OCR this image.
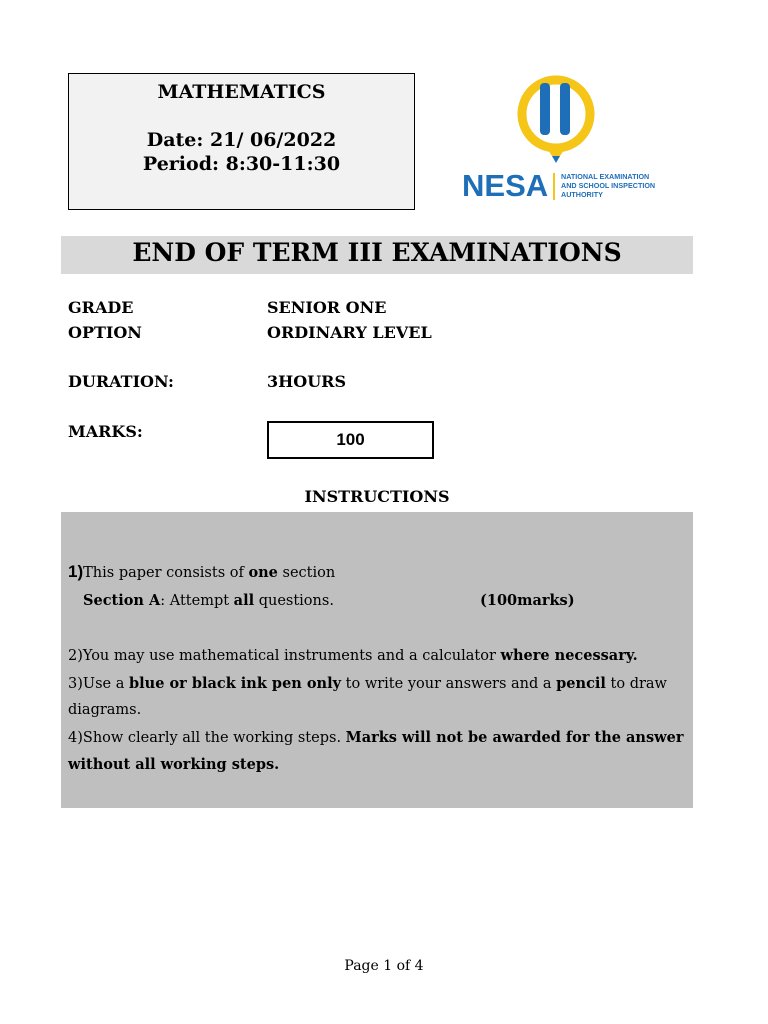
MATHEMATICS
Date: 21/ 06/2022
Period: 8:30-11:30
NESA NATIONAL EXAMINATION
AND SCHOOL INSPECTION
AUTHORITY
END OF TERM III EXAMINATIONS
GRADE	SENIOR ONE
OPTION	ORDINARY LEVEL
DURATION:	3HOURS
MARKS:	100
INSTRUCTIONS
1)This paper consists of one section
Section A: Attempt all questions.	(100marks)
2)You may use mathematical instruments and a calculator where necessary.
3)Use a blue or black ink pen only to write your answers and a pencil to draw
diagrams.
4)Show clearly all the working steps. Marks will not be awarded for the answer
without all working steps.
Page 1 of 4
